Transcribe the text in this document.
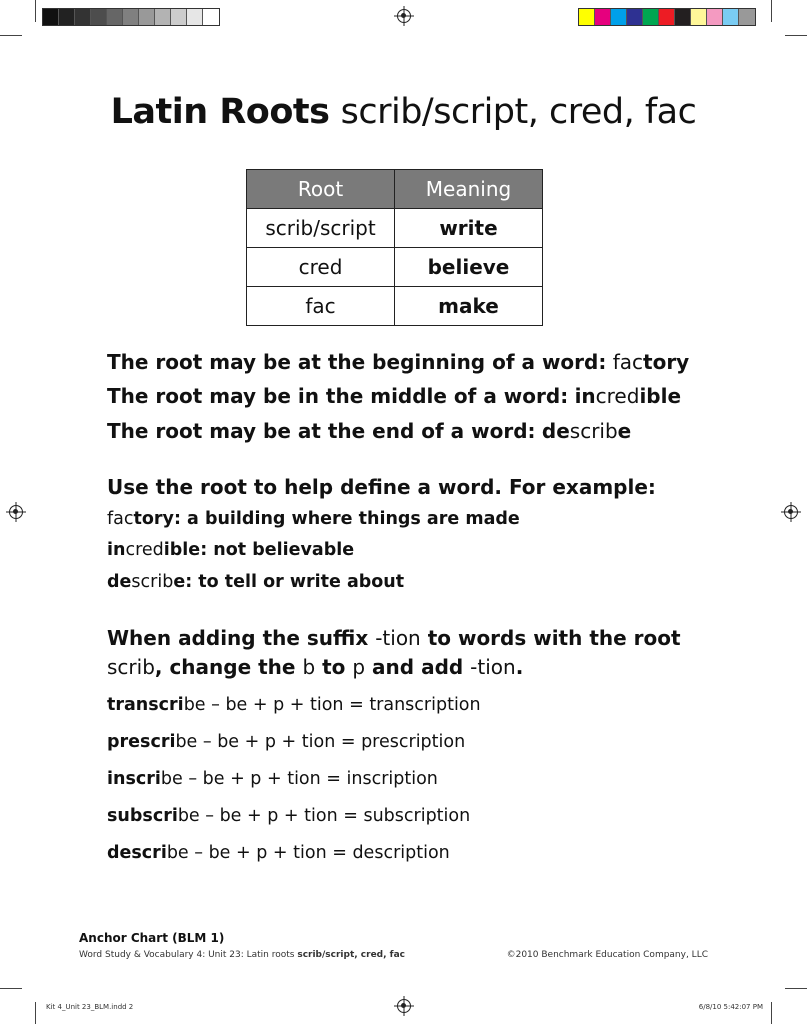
Latin Roots scrib/script, cred, fac
Root	Meaning
scrib/script	write
cred	believe
fac	make
The root may be at the beginning of a word: factory
The root may be in the middle of a word: incredible
The root may be at the end of a word: describe
Use the root to help define a word. For example:
factory: a building where things are made
incredible: not believable
describe: to tell or write about
When adding the suffix -tion to words with the root
scrib, change the b to p and add -tion.
transcribe – be + p + tion = transcription
prescribe – be + p + tion = prescription
inscribe – be + p + tion = inscription
subscribe – be + p + tion = subscription
describe – be + p + tion = description
Anchor Chart (BLM 1)
Word Study & Vocabulary 4: Unit 23: Latin roots scrib/script, cred, fac	©2010 Benchmark Education Company, LLC
Kit 4_Unit 23_BLM.indd 2	6/8/10 5:42:07 PM
